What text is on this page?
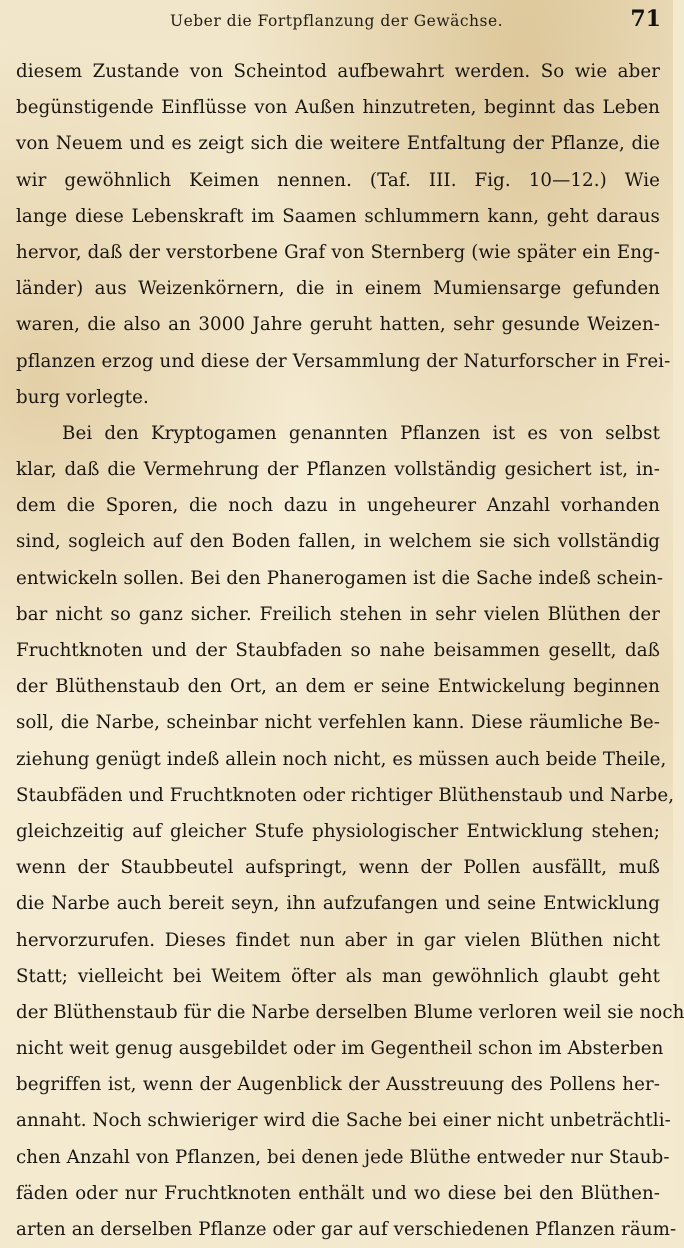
Ueber die Fortpflanzung der Gewächse.	71
diesem Zustande von Scheintod aufbewahrt werden. So wie aber
begünstigende Einflüsse von Außen hinzutreten, beginnt das Leben
von Neuem und es zeigt sich die weitere Entfaltung der Pflanze, die
wir gewöhnlich Keimen nennen. (Taf. III. Fig. 10—12.) Wie
lange diese Lebenskraft im Saamen schlummern kann, geht daraus
hervor, daß der verstorbene Graf von Sternberg (wie später ein Eng-
länder) aus Weizenkörnern, die in einem Mumiensarge gefunden
waren, die also an 3000 Jahre geruht hatten, sehr gesunde Weizen-
pflanzen erzog und diese der Versammlung der Naturforscher in Frei-
burg vorlegte.
Bei den Kryptogamen genannten Pflanzen ist es von selbst
klar, daß die Vermehrung der Pflanzen vollständig gesichert ist, in-
dem die Sporen, die noch dazu in ungeheurer Anzahl vorhanden
sind, sogleich auf den Boden fallen, in welchem sie sich vollständig
entwickeln sollen. Bei den Phanerogamen ist die Sache indeß schein-
bar nicht so ganz sicher. Freilich stehen in sehr vielen Blüthen der
Fruchtknoten und der Staubfaden so nahe beisammen gesellt, daß
der Blüthenstaub den Ort, an dem er seine Entwickelung beginnen
soll, die Narbe, scheinbar nicht verfehlen kann. Diese räumliche Be-
ziehung genügt indeß allein noch nicht, es müssen auch beide Theile,
Staubfäden und Fruchtknoten oder richtiger Blüthenstaub und Narbe,
gleichzeitig auf gleicher Stufe physiologischer Entwicklung stehen;
wenn der Staubbeutel aufspringt, wenn der Pollen ausfällt, muß
die Narbe auch bereit seyn, ihn aufzufangen und seine Entwicklung
hervorzurufen. Dieses findet nun aber in gar vielen Blüthen nicht
Statt; vielleicht bei Weitem öfter als man gewöhnlich glaubt geht
der Blüthenstaub für die Narbe derselben Blume verloren weil sie noch
nicht weit genug ausgebildet oder im Gegentheil schon im Absterben
begriffen ist, wenn der Augenblick der Ausstreuung des Pollens her-
annaht. Noch schwieriger wird die Sache bei einer nicht unbeträchtli-
chen Anzahl von Pflanzen, bei denen jede Blüthe entweder nur Staub-
fäden oder nur Fruchtknoten enthält und wo diese bei den Blüthen-
arten an derselben Pflanze oder gar auf verschiedenen Pflanzen räum-
